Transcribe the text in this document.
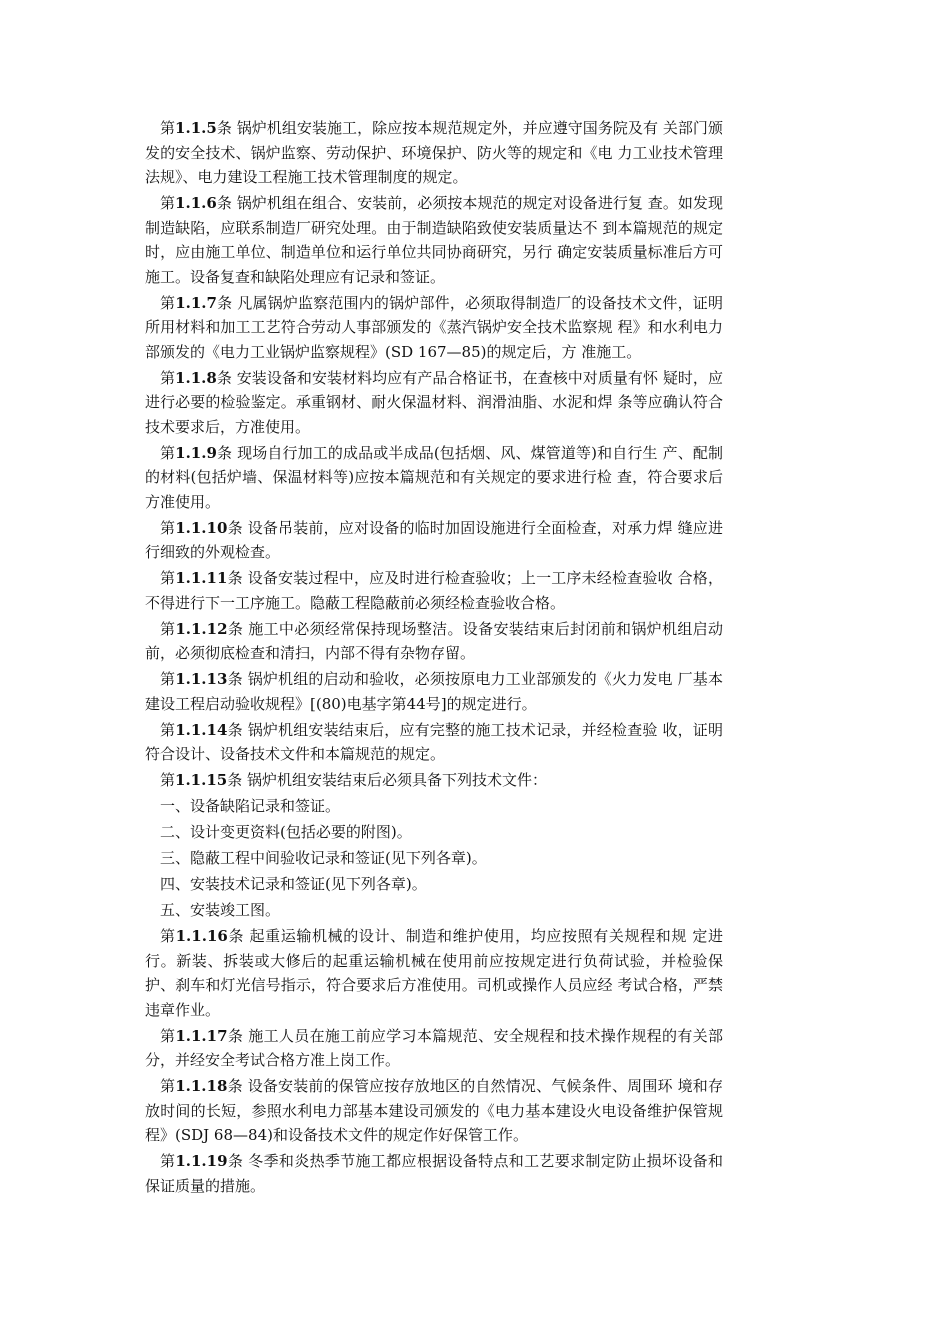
第1.1.5条 锅炉机组安装施工，除应按本规范规定外，并应遵守国务院及有 关部门颁发的安全技术、锅炉监察、劳动保护、环境保护、防火等的规定和《电 力工业技术管理法规》、电力建设工程施工技术管理制度的规定。

第1.1.6条 锅炉机组在组合、安装前，必须按本规范的规定对设备进行复 查。如发现制造缺陷，应联系制造厂研究处理。由于制造缺陷致使安装质量达不 到本篇规范的规定时，应由施工单位、制造单位和运行单位共同协商研究，另行 确定安装质量标准后方可施工。设备复查和缺陷处理应有记录和签证。

第1.1.7条 凡属锅炉监察范围内的锅炉部件，必须取得制造厂的设备技术文件，证明所用材料和加工工艺符合劳动人事部颁发的《蒸汽锅炉安全技术监察规 程》和水利电力部颁发的《电力工业锅炉监察规程》(SD 167—85)的规定后，方 准施工。

第1.1.8条 安装设备和安装材料均应有产品合格证书，在查核中对质量有怀 疑时，应进行必要的检验鉴定。承重钢材、耐火保温材料、润滑油脂、水泥和焊 条等应确认符合技术要求后，方准使用。

第1.1.9条 现场自行加工的成品或半成品(包括烟、风、煤管道等)和自行生 产、配制的材料(包括炉墙、保温材料等)应按本篇规范和有关规定的要求进行检 查，符合要求后方准使用。

第1.1.10条 设备吊装前，应对设备的临时加固设施进行全面检查，对承力焊 缝应进行细致的外观检查。

第1.1.11条 设备安装过程中，应及时进行检查验收；上一工序未经检查验收 合格，不得进行下一工序施工。隐蔽工程隐蔽前必须经检查验收合格。

第1.1.12条 施工中必须经常保持现场整洁。设备安装结束后封闭前和锅炉机组启动前，必须彻底检查和清扫，内部不得有杂物存留。

第1.1.13条 锅炉机组的启动和验收，必须按原电力工业部颁发的《火力发电 厂基本建设工程启动验收规程》[(80)电基字第44号]的规定进行。

第1.1.14条 锅炉机组安装结束后，应有完整的施工技术记录，并经检查验 收，证明符合设计、设备技术文件和本篇规范的规定。

第1.1.15条 锅炉机组安装结束后必须具备下列技术文件：

一、设备缺陷记录和签证。

二、设计变更资料(包括必要的附图)。

三、隐蔽工程中间验收记录和签证(见下列各章)。

四、安装技术记录和签证(见下列各章)。

五、安装竣工图。

第1.1.16条 起重运输机械的设计、制造和维护使用，均应按照有关规程和规 定进行。新装、拆装或大修后的起重运输机械在使用前应按规定进行负荷试验，并检验保护、刹车和灯光信号指示，符合要求后方准使用。司机或操作人员应经 考试合格，严禁违章作业。

第1.1.17条 施工人员在施工前应学习本篇规范、安全规程和技术操作规程的有关部分，并经安全考试合格方准上岗工作。

第1.1.18条 设备安装前的保管应按存放地区的自然情况、气候条件、周围环 境和存放时间的长短，参照水利电力部基本建设司颁发的《电力基本建设火电设备维护保管规程》(SDJ 68—84)和设备技术文件的规定作好保管工作。

第1.1.19条 冬季和炎热季节施工都应根据设备特点和工艺要求制定防止损坏设备和保证质量的措施。
